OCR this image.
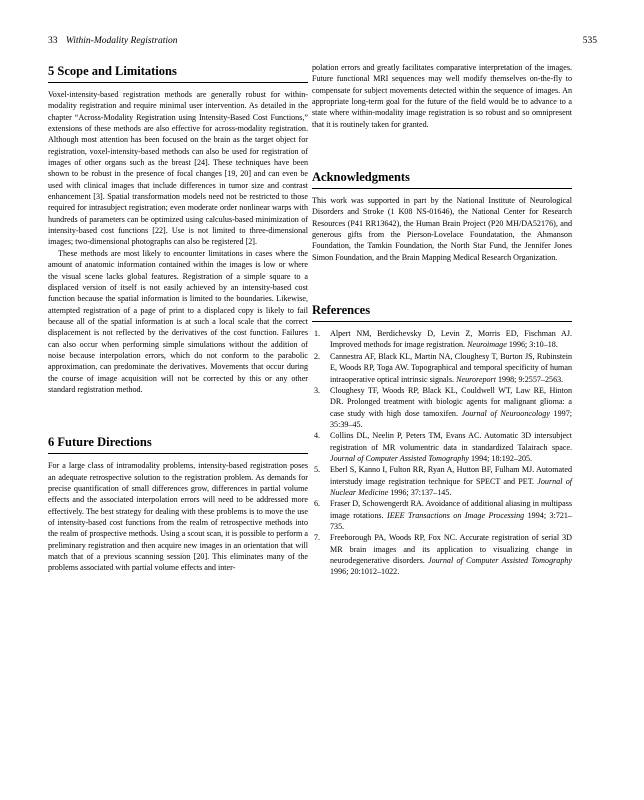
33 Within-Modality Registration	535
5 Scope and Limitations

Voxel-intensity-based registration methods are generally robust for within-modality registration and require minimal user intervention. As detailed in the chapter “Across-Modality Registration using Intensity-Based Cost Functions,” extensions of these methods are also effective for across-modality registration. Although most attention has been focused on the brain as the target object for registration, voxel-intensity-based methods can also be used for registration of images of other organs such as the breast [24]. These techniques have been shown to be robust in the presence of focal changes [19, 20] and can even be used with clinical images that include differences in tumor size and contrast enhancement [3]. Spatial transformation models need not be restricted to those required for intrasubject registration; even moderate order nonlinear warps with hundreds of parameters can be optimized using calculus-based minimization of intensity-based cost functions [22]. Use is not limited to three-dimensional images; two-dimensional photographs can also be registered [2].

These methods are most likely to encounter limitations in cases where the amount of anatomic information contained within the images is low or where the visual scene lacks global features. Registration of a simple square to a displaced version of itself is not easily achieved by an intensity-based cost function because the spatial information is limited to the boundaries. Likewise, attempted registration of a page of print to a displaced copy is likely to fail because all of the spatial information is at such a local scale that the correct displacement is not reflected by the derivatives of the cost function. Failures can also occur when performing simple simulations without the addition of noise because interpolation errors, which do not conform to the parabolic approximation, can predominate the derivatives. Movements that occur during the course of image acquisition will not be corrected by this or any other standard registration method.

6 Future Directions

For a large class of intramodality problems, intensity-based registration poses an adequate retrospective solution to the registration problem. As demands for precise quantification of small differences grow, differences in partial volume effects and the associated interpolation errors will need to be addressed more effectively. The best strategy for dealing with these problems is to move the use of intensity-based cost functions from the realm of retrospective methods into the realm of prospective methods. Using a scout scan, it is possible to perform a preliminary registration and then acquire new images in an orientation that will match that of a previous scanning session [20]. This eliminates many of the problems associated with partial volume effects and inter-

polation errors and greatly facilitates comparative interpretation of the images. Future functional MRI sequences may well modify themselves on-the-fly to compensate for subject movements detected within the sequence of images. An appropriate long-term goal for the future of the field would be to advance to a state where within-modality image registration is so robust and so omnipresent that it is routinely taken for granted.

Acknowledgments

This work was supported in part by the National Institute of Neurological Disorders and Stroke (1 K08 NS-01646), the National Center for Research Resources (P41 RR13642), the Human Brain Project (P20 MH/DA52176), and generous gifts from the Pierson-Lovelace Foundatation, the Ahmanson Foundation, the Tamkin Foundation, the North Star Fund, the Jennifer Jones Simon Foundation, and the Brain Mapping Medical Research Organization.

References
1. Alpert NM, Berdichevsky D, Levin Z, Morris ED, Fischman AJ. Improved methods for image registration. Neuroimage 1996; 3:10–18.
2. Cannestra AF, Black KL, Martin NA, Cloughesy T, Burton JS, Rubinstein E, Woods RP, Toga AW. Topographical and temporal specificity of human intraoperative optical intrinsic signals. Neuroreport 1998; 9:2557–2563.
3. Cloughesy TF, Woods RP, Black KL, Couldwell WT, Law RE, Hinton DR. Prolonged treatment with biologic agents for malignant glioma: a case study with high dose tamoxifen. Journal of Neurooncology 1997; 35:39–45.
4. Collins DL, Neelin P, Peters TM, Evans AC. Automatic 3D intersubject registration of MR volumentric data in standardized Talairach space. Journal of Computer Assisted Tomography 1994; 18:192–205.
5. Eberl S, Kanno I, Fulton RR, Ryan A, Hutton BF, Fulham MJ. Automated interstudy image registration technique for SPECT and PET. Journal of Nuclear Medicine 1996; 37:137–145.
6. Fraser D, Schowengerdt RA. Avoidance of additional aliasing in multipass image rotations. IEEE Transactions on Image Processing 1994; 3:721–735.
7. Freeborough PA, Woods RP, Fox NC. Accurate registration of serial 3D MR brain images and its application to visualizing change in neurodegenerative disorders. Journal of Computer Assisted Tomography 1996; 20:1012–1022.
